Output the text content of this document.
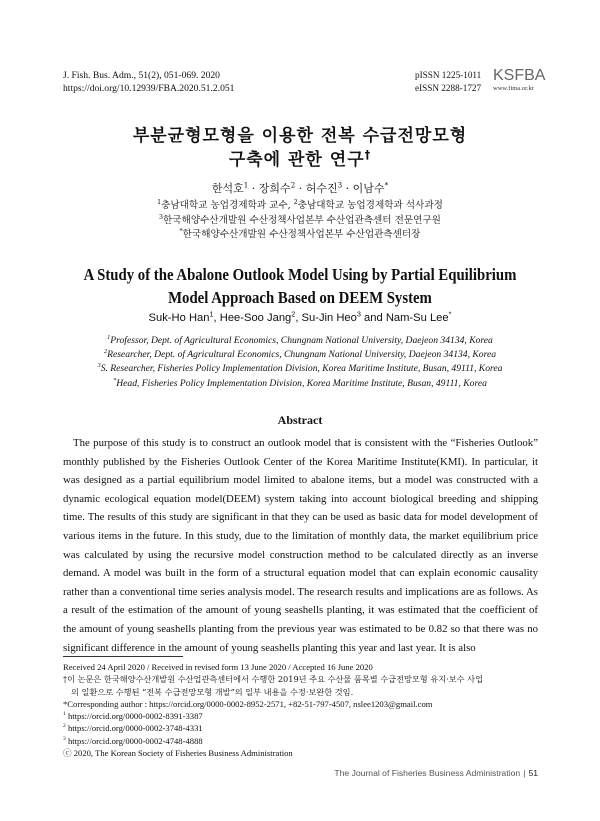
J. Fish. Bus. Adm., 51(2), 051-069. 2020
https://doi.org/10.12939/FBA.2020.51.2.051
pISSN 1225-1011
eISSN 2288-1727
KSFBA
www.fima.or.kr
부분균형모형을 이용한 전복 수급전망모형
구축에 관한 연구†
한석호$^1$ · 장희수$^2$ · 허수진$^3$ · 이남수*
$^1$충남대학교 농업경제학과 교수, $^2$충남대학교 농업경제학과 석사과정
$^3$한국해양수산개발원 수산정책사업본부 수산업관측센터 전문연구원
*한국해양수산개발원 수산정책사업본부 수산업관측센터장
A Study of the Abalone Outlook Model Using by Partial Equilibrium
Model Approach Based on DEEM System
Suk-Ho Han$^1$, Hee-Soo Jang$^2$, Su-Jin Heo$^3$ and Nam-Su Lee*
$^1$Professor, Dept. of Agricultural Economics, Chungnam National University, Daejeon 34134, Korea
$^2$Researcher, Dept. of Agricultural Economics, Chungnam National University, Daejeon 34134, Korea
$^3$S. Researcher, Fisheries Policy Implementation Division, Korea Maritime Institute, Busan, 49111, Korea
*Head, Fisheries Policy Implementation Division, Korea Maritime Institute, Busan, 49111, Korea
Abstract
The purpose of this study is to construct an outlook model that is consistent with the “Fisheries Outlook” monthly published by the Fisheries Outlook Center of the Korea Maritime Institute(KMI). In particular, it was designed as a partial equilibrium model limited to abalone items, but a model was constructed with a dynamic ecological equation model(DEEM) system taking into account biological breeding and shipping time. The results of this study are significant in that they can be used as basic data for model development of various items in the future. In this study, due to the limitation of monthly data, the market equilibrium price was calculated by using the recursive model construction method to be calculated directly as an inverse demand. A model was built in the form of a structural equation model that can explain economic causality rather than a conventional time series analysis model. The research results and implications are as follows. As a result of the estimation of the amount of young seashells planting, it was estimated that the coefficient of the amount of young seashells planting from the previous year was estimated to be 0.82 so that there was no significant difference in the amount of young seashells planting this year and last year. It is also
Received 24 April 2020 / Received in revised form 13 June 2020 / Accepted 16 June 2020
†이 논문은 한국해양수산개발원 수산업관측센터에서 수행한 2019년 주요 수산물 품목별 수급전망모형 유지·보수 사업
의 일환으로 수행된 “전복 수급전망모형 개발”의 일부 내용을 수정·보완한 것임.
*Corresponding author : https://orcid.org/0000-0002-8952-2571, +82-51-797-4507, nslee1203@gmail.com
$^1$ https://orcid.org/0000-0002-8391-3387
$^2$ https://orcid.org/0000-0002-3748-4331
$^3$ https://orcid.org/0000-0002-4748-4888
ⓒ 2020, The Korean Society of Fisheries Business Administration
The Journal of Fisheries Business Administration | 51
